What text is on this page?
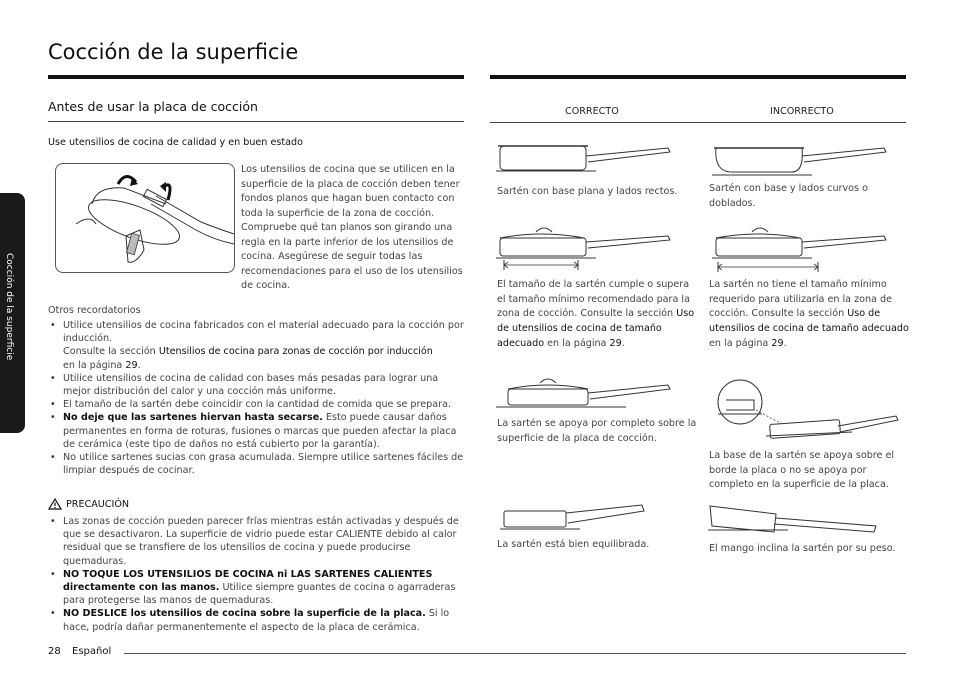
Cocción de la superficie
Cocción de la superficie
Antes de usar la placa de cocción
Use utensilios de cocina de calidad y en buen estado
Los utensilios de cocina que se utilicen en la superficie de la placa de cocción deben tener fondos planos que hagan buen contacto con toda la superficie de la zona de cocción. Compruebe qué tan planos son girando una regla en la parte inferior de los utensilios de cocina. Asegúrese de seguir todas las recomendaciones para el uso de los utensilios de cocina.
Otros recordatorios
• Utilice utensilios de cocina fabricados con el material adecuado para la cocción por inducción.
Consulte la sección Utensilios de cocina para zonas de cocción por inducción
en la página 29.
• Utilice utensilios de cocina de calidad con bases más pesadas para lograr una mejor distribución del calor y una cocción más uniforme.
• El tamaño de la sartén debe coincidir con la cantidad de comida que se prepara.
• No deje que las sartenes hiervan hasta secarse. Esto puede causar daños permanentes en forma de roturas, fusiones o marcas que pueden afectar la placa de cerámica (este tipo de daños no está cubierto por la garantía).
• No utilice sartenes sucias con grasa acumulada. Siempre utilice sartenes fáciles de limpiar después de cocinar.
PRECAUCIÓN
• Las zonas de cocción pueden parecer frías mientras están activadas y después de que se desactivaron. La superficie de vidrio puede estar CALIENTE debido al calor residual que se transfiere de los utensilios de cocina y puede producirse quemaduras.
• NO TOQUE LOS UTENSILIOS DE COCINA ni LAS SARTENES CALIENTES directamente con las manos. Utilice siempre guantes de cocina o agarraderas para protegerse las manos de quemaduras.
• NO DESLICE los utensilios de cocina sobre la superficie de la placa. Si lo hace, podría dañar permanentemente el aspecto de la placa de cerámica.
CORRECTO	INCORRECTO
Sartén con base plana y lados rectos.	Sartén con base y lados curvos o doblados.
El tamaño de la sartén cumple o supera el tamaño mínimo recomendado para la zona de cocción. Consulte la sección Uso de utensilios de cocina de tamaño adecuado en la página 29.
La sartén no tiene el tamaño mínimo requerido para utilizarla en la zona de cocción. Consulte la sección Uso de utensilios de cocina de tamaño adecuado en la página 29.
La sartén se apoya por completo sobre la superficie de la placa de cocción.
La base de la sartén se apoya sobre el borde la placa o no se apoya por completo en la superficie de la placa.
La sartén está bien equilibrada.	El mango inclina la sartén por su peso.
28 Español
